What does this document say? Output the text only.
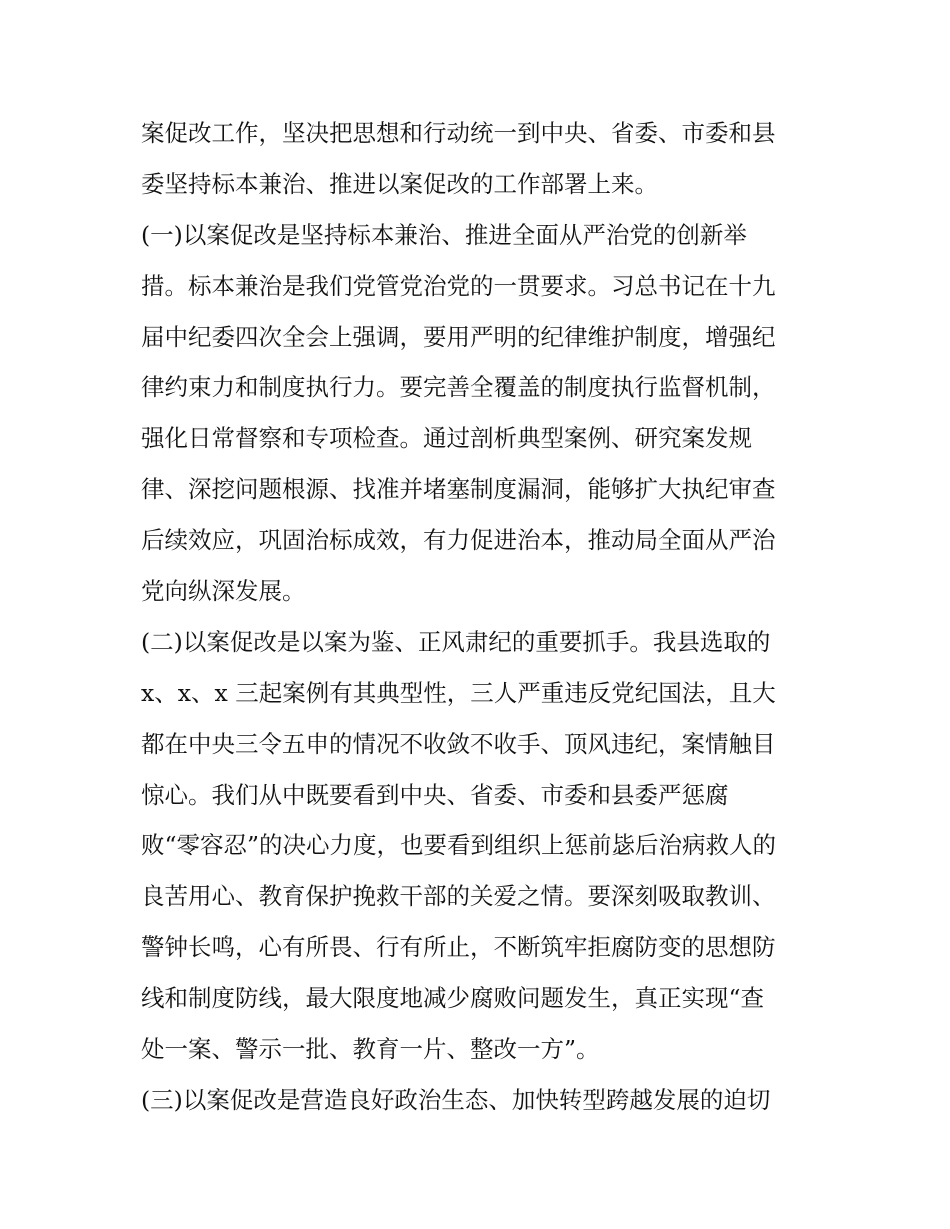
案促改工作，坚决把思想和行动统一到中央、省委、市委和县
委坚持标本兼治、推进以案促改的工作部署上来。
(一)以案促改是坚持标本兼治、推进全面从严治党的创新举
措。标本兼治是我们党管党治党的一贯要求。习总书记在十九
届中纪委四次全会上强调，要用严明的纪律维护制度，增强纪
律约束力和制度执行力。要完善全覆盖的制度执行监督机制，
强化日常督察和专项检查。通过剖析典型案例、研究案发规
律、深挖问题根源、找准并堵塞制度漏洞，能够扩大执纪审查
后续效应，巩固治标成效，有力促进治本，推动局全面从严治
党向纵深发展。
(二)以案促改是以案为鉴、正风肃纪的重要抓手。我县选取的
x、x、x 三起案例有其典型性，三人严重违反党纪国法，且大
都在中央三令五申的情况不收敛不收手、顶风违纪，案情触目
惊心。我们从中既要看到中央、省委、市委和县委严惩腐
败“零容忍”的决心力度，也要看到组织上惩前毖后治病救人的
良苦用心、教育保护挽救干部的关爱之情。要深刻吸取教训、
警钟长鸣，心有所畏、行有所止，不断筑牢拒腐防变的思想防
线和制度防线，最大限度地减少腐败问题发生，真正实现“查
处一案、警示一批、教育一片、整改一方”。
(三)以案促改是营造良好政治生态、加快转型跨越发展的迫切
